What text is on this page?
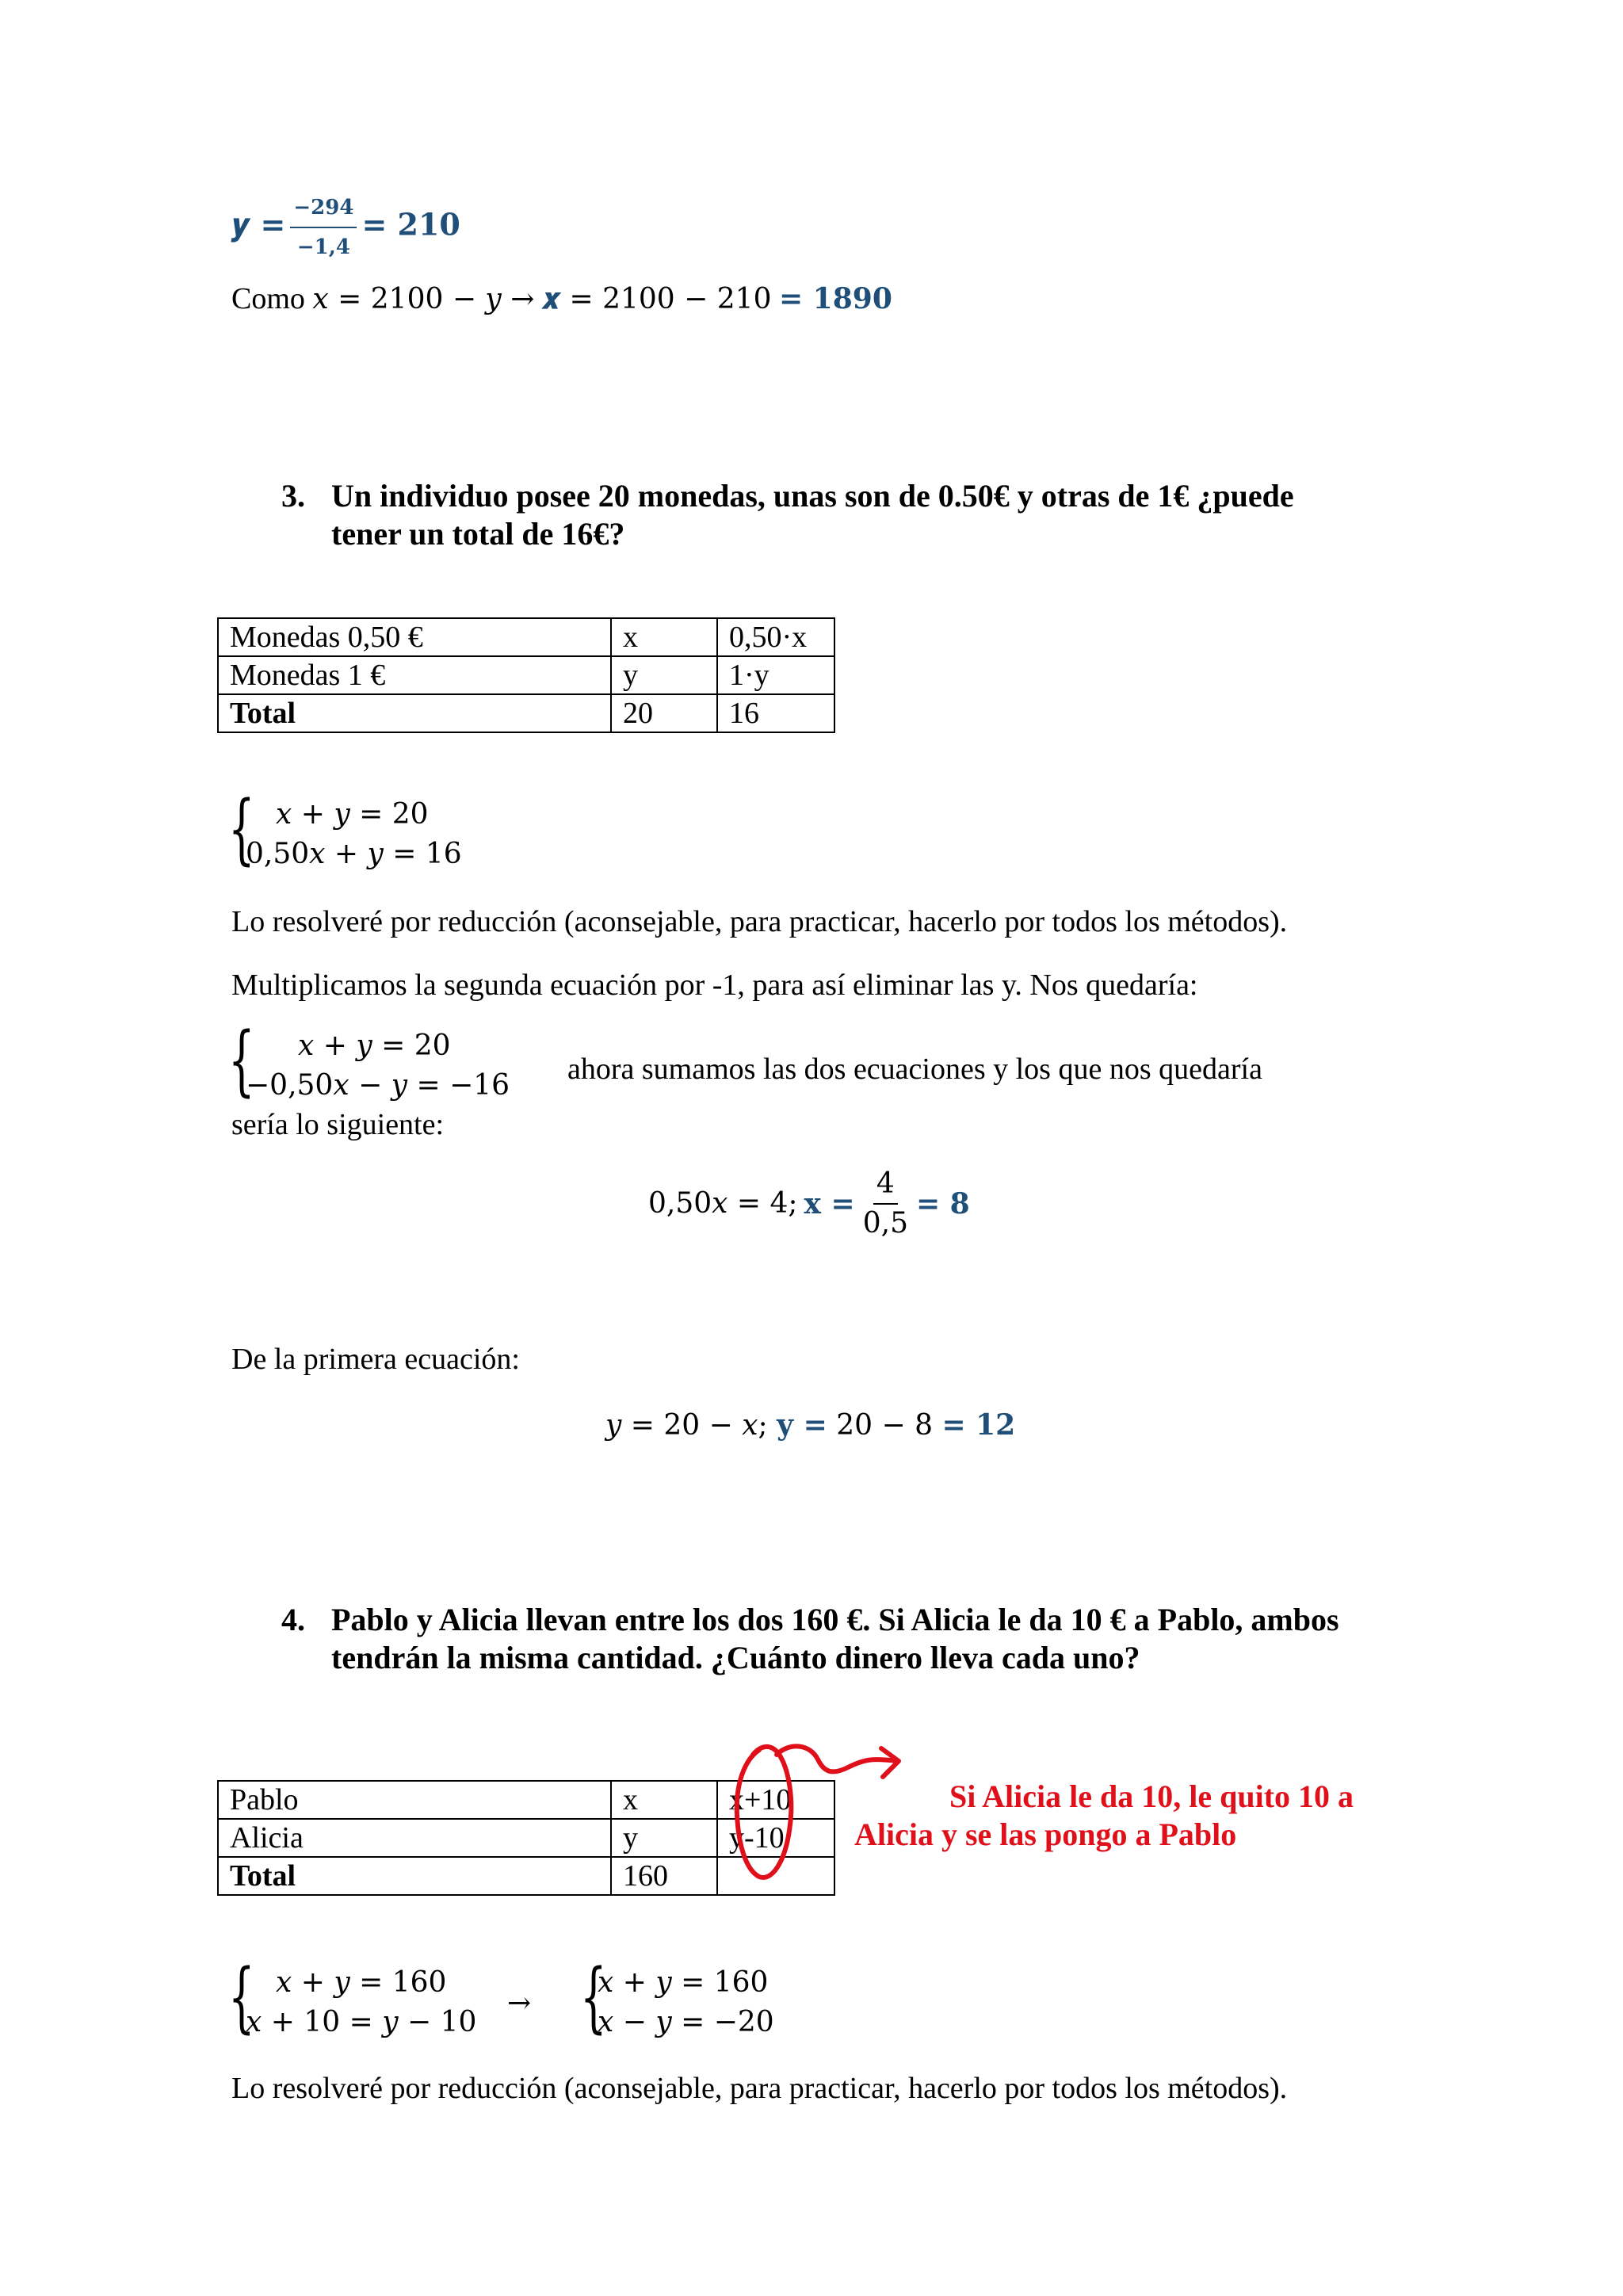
𝒚 = $\frac{-𝟐𝟗𝟒}{-𝟏,𝟒}$ = 𝟐𝟏𝟎
Como 𝑥 = 2100 − 𝑦 → 𝒙 = 2100 − 210 = 𝟏𝟖𝟗𝟎
3. Un individuo posee 20 monedas, unas son de 0.50€ y otras de 1€ ¿puede
tener un total de 16€?
Monedas 0,50 €	x	0,50·x
Monedas 1 €	y	1·y
Total	20	16
{ 𝑥 + 𝑦 = 20
0,50𝑥 + 𝑦 = 16
Lo resolveré por reducción (aconsejable, para practicar, hacerlo por todos los métodos).
Multiplicamos la segunda ecuación por -1, para así eliminar las y. Nos quedaría:
{ 𝑥 + 𝑦 = 20
−0,50𝑥 − 𝑦 = −16 ahora sumamos las dos ecuaciones y los que nos quedaría
sería lo siguiente:
0,50𝑥 = 4; 𝐱 = $\frac{4}{0,5}$ = 𝟖
De la primera ecuación:
𝑦 = 20 − 𝑥; 𝐲 = 20 − 8 = 𝟏𝟐
4. Pablo y Alicia llevan entre los dos 160 €. Si Alicia le da 10 € a Pablo, ambos
tendrán la misma cantidad. ¿Cuánto dinero lleva cada uno?
Pablo	x	x+10
Alicia	y	y-10
Total	160	
Si Alicia le da 10, le quito 10 a
Alicia y se las pongo a Pablo
{ 𝑥 + 𝑦 = 160
𝑥 + 10 = 𝑦 − 10
→ {
𝑥 + 𝑦 = 160
𝑥 − 𝑦 = −20
Lo resolveré por reducción (aconsejable, para practicar, hacerlo por todos los métodos).
